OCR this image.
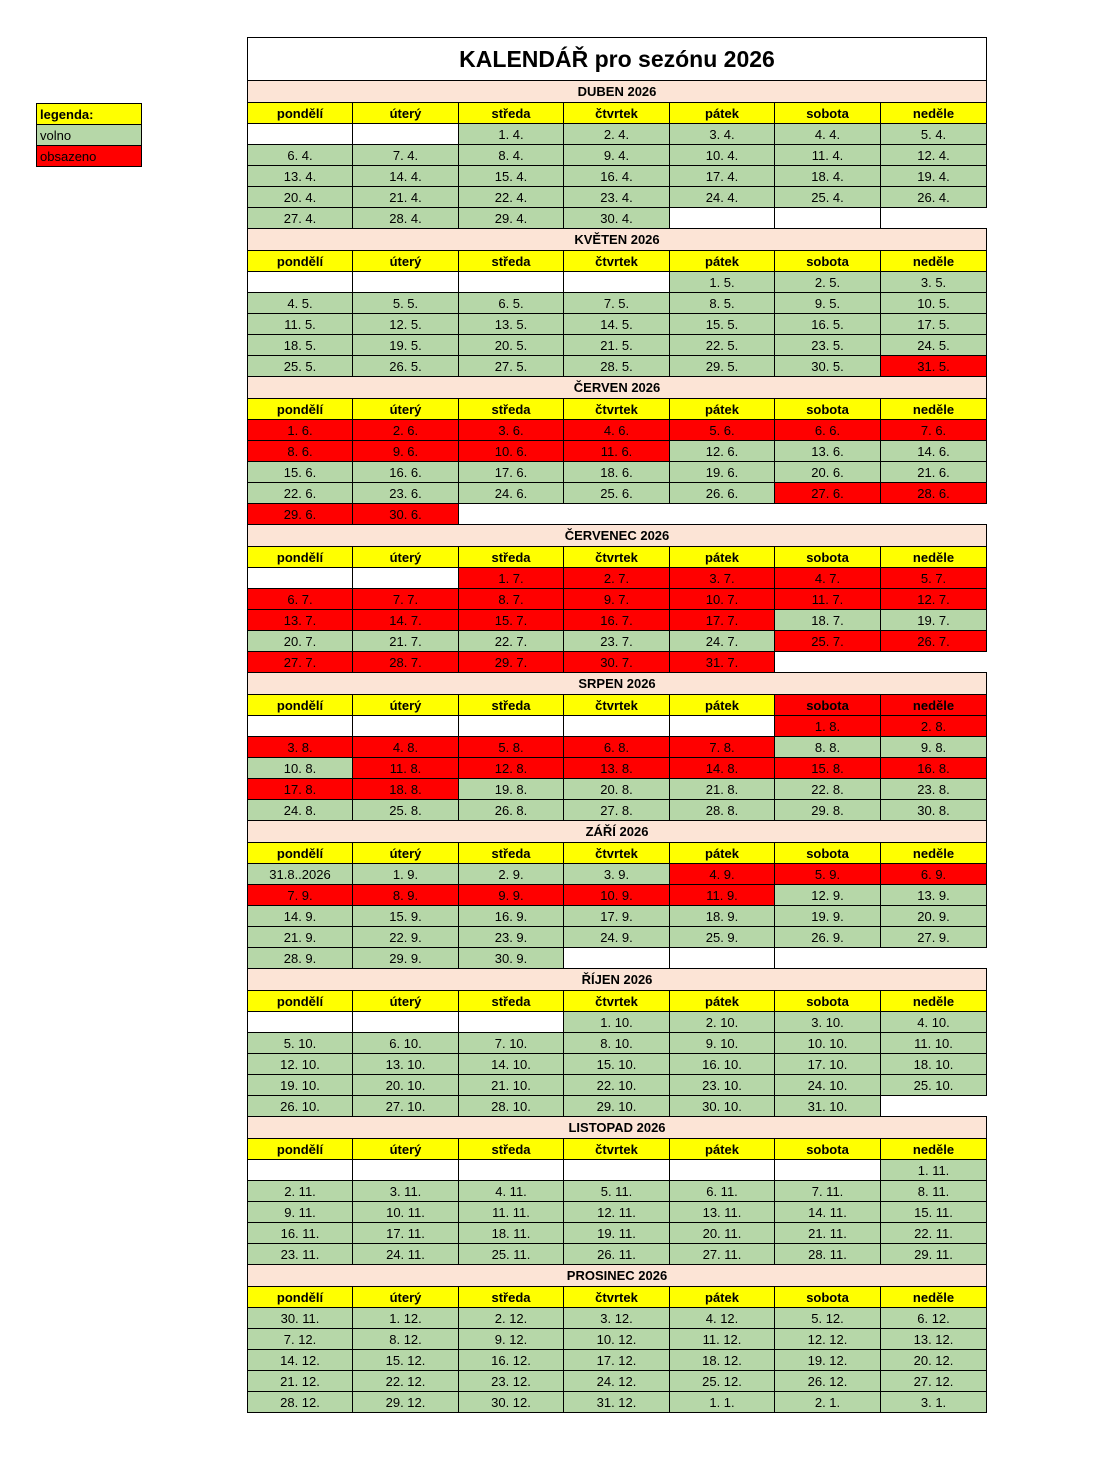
legenda:
volno
obsazeno
KALENDÁŘ pro sezónu 2026						
DUBEN 2026						
pondělí	úterý	středa	čtvrtek	pátek	sobota	neděle
		1. 4.	2. 4.	3. 4.	4. 4.	5. 4.
6. 4.	7. 4.	8. 4.	9. 4.	10. 4.	11. 4.	12. 4.
13. 4.	14. 4.	15. 4.	16. 4.	17. 4.	18. 4.	19. 4.
20. 4.	21. 4.	22. 4.	23. 4.	24. 4.	25. 4.	26. 4.
27. 4.	28. 4.	29. 4.	30. 4.			
KVĚTEN 2026						
pondělí	úterý	středa	čtvrtek	pátek	sobota	neděle
				1. 5.	2. 5.	3. 5.
4. 5.	5. 5.	6. 5.	7. 5.	8. 5.	9. 5.	10. 5.
11. 5.	12. 5.	13. 5.	14. 5.	15. 5.	16. 5.	17. 5.
18. 5.	19. 5.	20. 5.	21. 5.	22. 5.	23. 5.	24. 5.
25. 5.	26. 5.	27. 5.	28. 5.	29. 5.	30. 5.	31. 5.
ČERVEN 2026						
pondělí	úterý	středa	čtvrtek	pátek	sobota	neděle
1. 6.	2. 6.	3. 6.	4. 6.	5. 6.	6. 6.	7. 6.
8. 6.	9. 6.	10. 6.	11. 6.	12. 6.	13. 6.	14. 6.
15. 6.	16. 6.	17. 6.	18. 6.	19. 6.	20. 6.	21. 6.
22. 6.	23. 6.	24. 6.	25. 6.	26. 6.	27. 6.	28. 6.
29. 6.	30. 6.					
ČERVENEC 2026						
pondělí	úterý	středa	čtvrtek	pátek	sobota	neděle
		1. 7.	2. 7.	3. 7.	4. 7.	5. 7.
6. 7.	7. 7.	8. 7.	9. 7.	10. 7.	11. 7.	12. 7.
13. 7.	14. 7.	15. 7.	16. 7.	17. 7.	18. 7.	19. 7.
20. 7.	21. 7.	22. 7.	23. 7.	24. 7.	25. 7.	26. 7.
27. 7.	28. 7.	29. 7.	30. 7.	31. 7.		
SRPEN 2026						
pondělí	úterý	středa	čtvrtek	pátek	sobota	neděle
					1. 8.	2. 8.
3. 8.	4. 8.	5. 8.	6. 8.	7. 8.	8. 8.	9. 8.
10. 8.	11. 8.	12. 8.	13. 8.	14. 8.	15. 8.	16. 8.
17. 8.	18. 8.	19. 8.	20. 8.	21. 8.	22. 8.	23. 8.
24. 8.	25. 8.	26. 8.	27. 8.	28. 8.	29. 8.	30. 8.
ZÁŘÍ 2026						
pondělí	úterý	středa	čtvrtek	pátek	sobota	neděle
31.8..2026	1. 9.	2. 9.	3. 9.	4. 9.	5. 9.	6. 9.
7. 9.	8. 9.	9. 9.	10. 9.	11. 9.	12. 9.	13. 9.
14. 9.	15. 9.	16. 9.	17. 9.	18. 9.	19. 9.	20. 9.
21. 9.	22. 9.	23. 9.	24. 9.	25. 9.	26. 9.	27. 9.
28. 9.	29. 9.	30. 9.				
ŘÍJEN 2026						
pondělí	úterý	středa	čtvrtek	pátek	sobota	neděle
			1. 10.	2. 10.	3. 10.	4. 10.
5. 10.	6. 10.	7. 10.	8. 10.	9. 10.	10. 10.	11. 10.
12. 10.	13. 10.	14. 10.	15. 10.	16. 10.	17. 10.	18. 10.
19. 10.	20. 10.	21. 10.	22. 10.	23. 10.	24. 10.	25. 10.
26. 10.	27. 10.	28. 10.	29. 10.	30. 10.	31. 10.	
LISTOPAD 2026						
pondělí	úterý	středa	čtvrtek	pátek	sobota	neděle
						1. 11.
2. 11.	3. 11.	4. 11.	5. 11.	6. 11.	7. 11.	8. 11.
9. 11.	10. 11.	11. 11.	12. 11.	13. 11.	14. 11.	15. 11.
16. 11.	17. 11.	18. 11.	19. 11.	20. 11.	21. 11.	22. 11.
23. 11.	24. 11.	25. 11.	26. 11.	27. 11.	28. 11.	29. 11.
PROSINEC 2026						
pondělí	úterý	středa	čtvrtek	pátek	sobota	neděle
30. 11.	1. 12.	2. 12.	3. 12.	4. 12.	5. 12.	6. 12.
7. 12.	8. 12.	9. 12.	10. 12.	11. 12.	12. 12.	13. 12.
14. 12.	15. 12.	16. 12.	17. 12.	18. 12.	19. 12.	20. 12.
21. 12.	22. 12.	23. 12.	24. 12.	25. 12.	26. 12.	27. 12.
28. 12.	29. 12.	30. 12.	31. 12.	1. 1.	2. 1.	3. 1.
